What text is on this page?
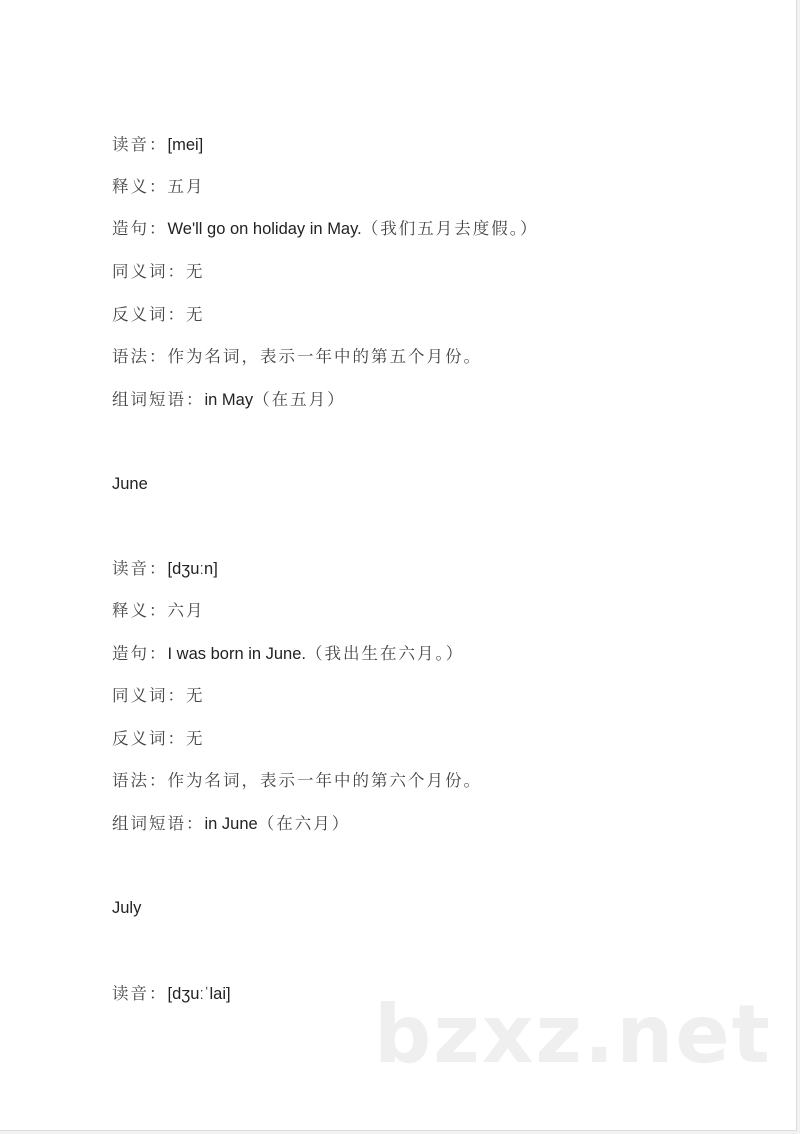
读音：[mei]
释义：五月
造句：We'll go on holiday in May.（我们五月去度假。）
同义词：无
反义词：无
语法：作为名词，表示一年中的第五个月份。
组词短语：in May（在五月）
June
读音：[dʒuːn]
释义：六月
造句：I was born in June.（我出生在六月。）
同义词：无
反义词：无
语法：作为名词，表示一年中的第六个月份。
组词短语：in June（在六月）
July
读音：[dʒuːˈlai] bzxz.net
